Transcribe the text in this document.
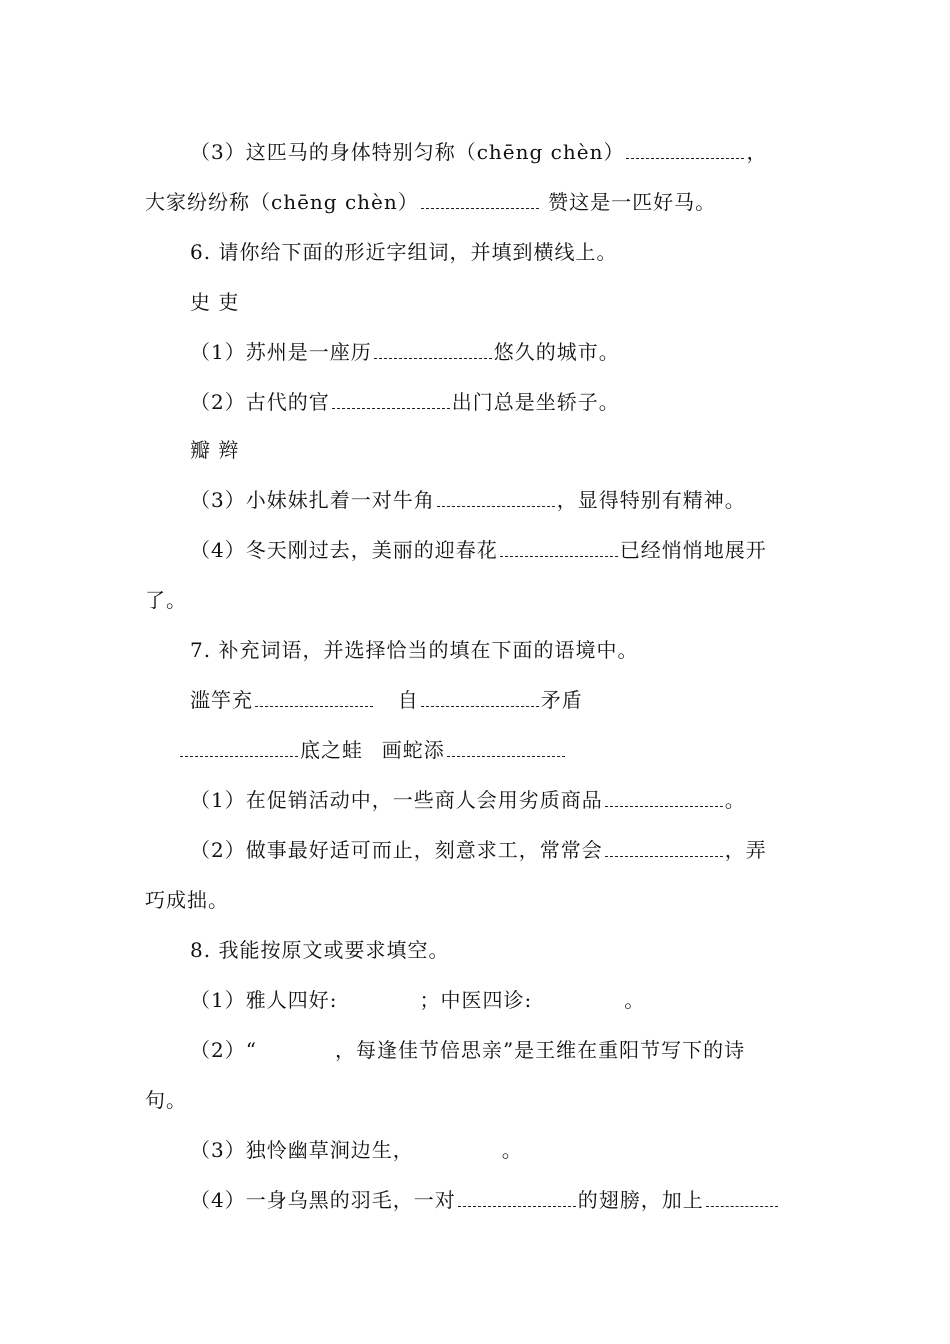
（3）这匹马的身体特别匀称（chēng chèn）	，
大家纷纷称（chēng chèn）	赞这是一匹好马。
6. 请你给下面的形近字组词，并填到横线上。
史 吏
（1）苏州是一座历	悠久的城市。
（2）古代的官	出门总是坐轿子。
瓣 辫
（3）小妹妹扎着一对牛角	，显得特别有精神。
（4）冬天刚过去，美丽的迎春花	已经悄悄地展开
了。
7. 补充词语，并选择恰当的填在下面的语境中。
滥竽充	自	矛盾
底之蛙 画蛇添
（1）在促销活动中，一些商人会用劣质商品	。
（2）做事最好适可而止，刻意求工，常常会	，弄
巧成拙。
8. 我能按原文或要求填空。
（1）雅人四好:	；中医四诊:	。
（2）“	，每逢佳节倍思亲”是王维在重阳节写下的诗
句。
（3）独怜幽草涧边生，	。
（4）一身乌黑的羽毛，一对	的翅膀，加上
